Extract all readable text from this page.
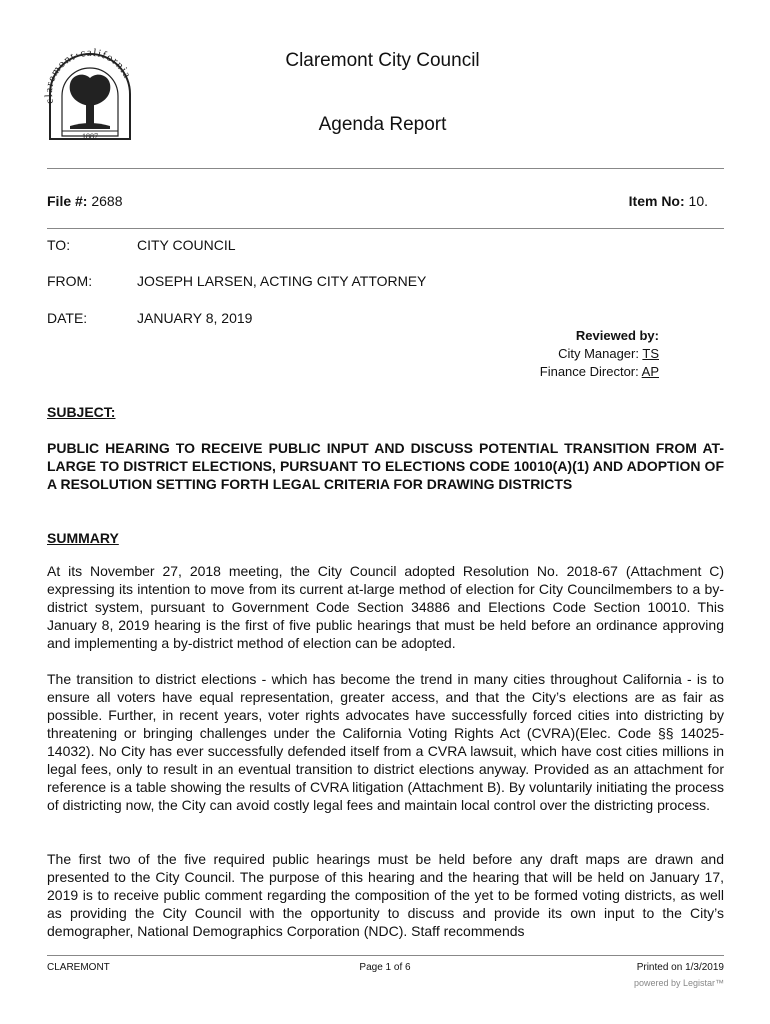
claremont·california
· 1887 ·
Claremont City Council
Agenda Report
File #: 2688	Item No: 10.
TO:	CITY COUNCIL
FROM:	JOSEPH LARSEN, ACTING CITY ATTORNEY
DATE:	JANUARY 8, 2019
Reviewed by:
City Manager: TS
Finance Director: AP
SUBJECT:
PUBLIC HEARING TO RECEIVE PUBLIC INPUT AND DISCUSS POTENTIAL TRANSITION FROM AT-LARGE TO DISTRICT ELECTIONS, PURSUANT TO ELECTIONS CODE 10010(A)(1) AND ADOPTION OF A RESOLUTION SETTING FORTH LEGAL CRITERIA FOR DRAWING DISTRICTS
SUMMARY
At its November 27, 2018 meeting, the City Council adopted Resolution No. 2018-67 (Attachment C) expressing its intention to move from its current at-large method of election for City Councilmembers to a by-district system, pursuant to Government Code Section 34886 and Elections Code Section 10010. This January 8, 2019 hearing is the first of five public hearings that must be held before an ordinance approving and implementing a by-district method of election can be adopted.
The transition to district elections - which has become the trend in many cities throughout California - is to ensure all voters have equal representation, greater access, and that the City’s elections are as fair as possible. Further, in recent years, voter rights advocates have successfully forced cities into districting by threatening or bringing challenges under the California Voting Rights Act (CVRA)(Elec. Code §§ 14025-14032). No City has ever successfully defended itself from a CVRA lawsuit, which have cost cities millions in legal fees, only to result in an eventual transition to district elections anyway. Provided as an attachment for reference is a table showing the results of CVRA litigation (Attachment B). By voluntarily initiating the process of districting now, the City can avoid costly legal fees and maintain local control over the districting process.
The first two of the five required public hearings must be held before any draft maps are drawn and presented to the City Council. The purpose of this hearing and the hearing that will be held on January 17, 2019 is to receive public comment regarding the composition of the yet to be formed voting districts, as well as providing the City Council with the opportunity to discuss and provide its own input to the City’s demographer, National Demographics Corporation (NDC). Staff recommends
CLAREMONT	Page 1 of 6	Printed on 1/3/2019
powered by Legistar™
